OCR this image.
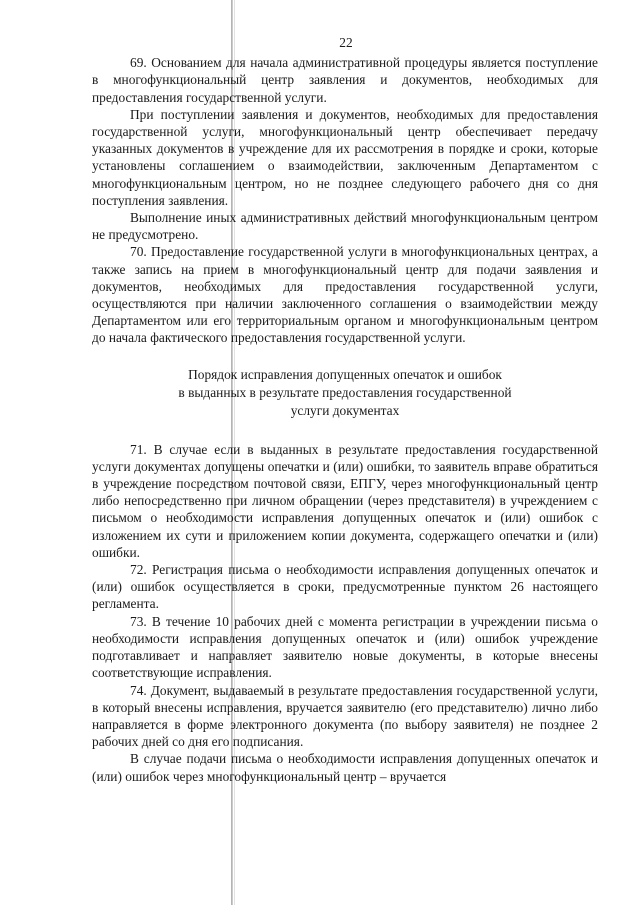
22

69. Основанием для начала административной процедуры является поступление в многофункциональный центр заявления и документов, необходимых для предоставления государственной услуги.

При поступлении заявления и документов, необходимых для предоставления государственной услуги, многофункциональный центр обеспечивает передачу указанных документов в учреждение для их рассмотрения в порядке и сроки, которые установлены соглашением о взаимодействии, заключенным Департаментом с многофункциональным центром, но не позднее следующего рабочего дня со дня поступления заявления.

Выполнение иных административных действий многофункциональным центром не предусмотрено.

70. Предоставление государственной услуги в многофункциональных центрах, а также запись на прием в многофункциональный центр для подачи заявления и документов, необходимых для предоставления государственной услуги, осуществляются при наличии заключенного соглашения о взаимодействии между Департаментом или его территориальным органом и многофункциональным центром до начала фактического предоставления государственной услуги.

Порядок исправления допущенных опечаток и ошибок
в выданных в результате предоставления государственной
услуги документах

71. В случае если в выданных в результате предоставления государственной услуги документах допущены опечатки и (или) ошибки, то заявитель вправе обратиться в учреждение посредством почтовой связи, ЕПГУ, через многофункциональный центр либо непосредственно при личном обращении (через представителя) в учреждением с письмом о необходимости исправления допущенных опечаток и (или) ошибок с изложением их сути и приложением копии документа, содержащего опечатки и (или) ошибки.

72. Регистрация письма о необходимости исправления допущенных опечаток и (или) ошибок осуществляется в сроки, предусмотренные пунктом 26 настоящего регламента.

73. В течение 10 рабочих дней с момента регистрации в учреждении письма о необходимости исправления допущенных опечаток и (или) ошибок учреждение подготавливает и направляет заявителю новые документы, в которые внесены соответствующие исправления.

74. Документ, выдаваемый в результате предоставления государственной услуги, в который внесены исправления, вручается заявителю (его представителю) лично либо направляется в форме электронного документа (по выбору заявителя) не позднее 2 рабочих дней со дня его подписания.

В случае подачи письма о необходимости исправления допущенных опечаток и (или) ошибок через многофункциональный центр – вручается
